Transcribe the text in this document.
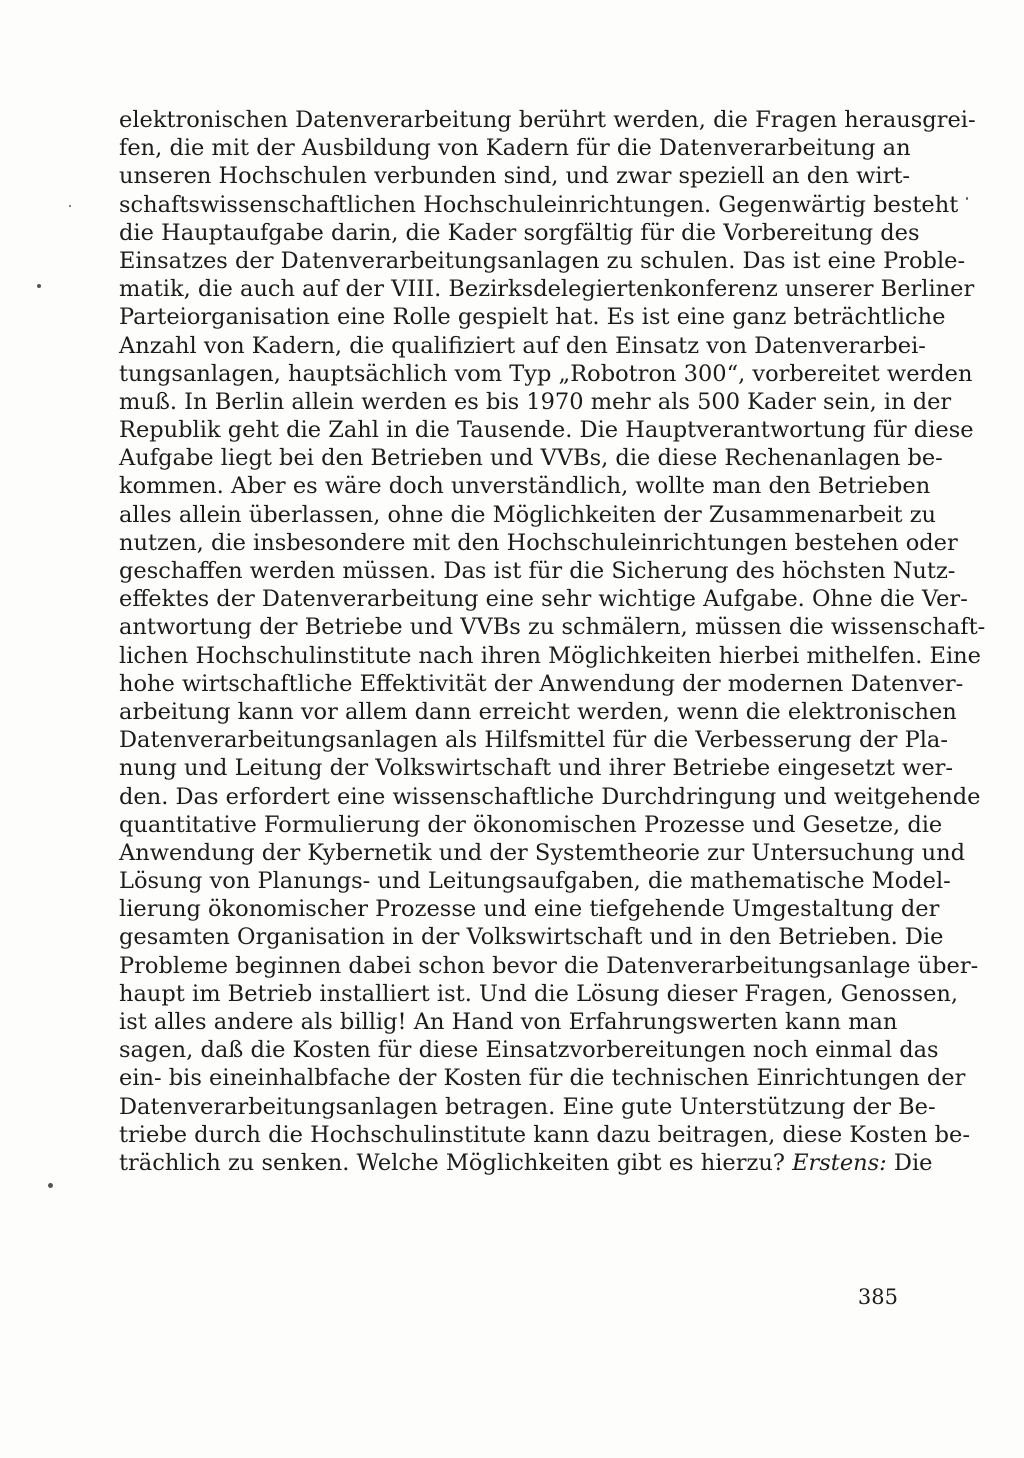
elektronischen Datenverarbeitung berührt werden, die Fragen herausgrei-
fen, die mit der Ausbildung von Kadern für die Datenverarbeitung an
unseren Hochschulen verbunden sind, und zwar speziell an den wirt-
schaftswissenschaftlichen Hochschuleinrichtungen. Gegenwärtig besteht
die Hauptaufgabe darin, die Kader sorgfältig für die Vorbereitung des
Einsatzes der Datenverarbeitungsanlagen zu schulen. Das ist eine Proble-
matik, die auch auf der VIII. Bezirksdelegiertenkonferenz unserer Berliner
Parteiorganisation eine Rolle gespielt hat. Es ist eine ganz beträchtliche
Anzahl von Kadern, die qualifiziert auf den Einsatz von Datenverarbei-
tungsanlagen, hauptsächlich vom Typ „Robotron 300“, vorbereitet werden
muß. In Berlin allein werden es bis 1970 mehr als 500 Kader sein, in der
Republik geht die Zahl in die Tausende. Die Hauptverantwortung für diese
Aufgabe liegt bei den Betrieben und VVBs, die diese Rechenanlagen be-
kommen. Aber es wäre doch unverständlich, wollte man den Betrieben
alles allein überlassen, ohne die Möglichkeiten der Zusammenarbeit zu
nutzen, die insbesondere mit den Hochschuleinrichtungen bestehen oder
geschaffen werden müssen. Das ist für die Sicherung des höchsten Nutz-
effektes der Datenverarbeitung eine sehr wichtige Aufgabe. Ohne die Ver-
antwortung der Betriebe und VVBs zu schmälern, müssen die wissenschaft-
lichen Hochschulinstitute nach ihren Möglichkeiten hierbei mithelfen. Eine
hohe wirtschaftliche Effektivität der Anwendung der modernen Datenver-
arbeitung kann vor allem dann erreicht werden, wenn die elektronischen
Datenverarbeitungsanlagen als Hilfsmittel für die Verbesserung der Pla-
nung und Leitung der Volkswirtschaft und ihrer Betriebe eingesetzt wer-
den. Das erfordert eine wissenschaftliche Durchdringung und weitgehende
quantitative Formulierung der ökonomischen Prozesse und Gesetze, die
Anwendung der Kybernetik und der Systemtheorie zur Untersuchung und
Lösung von Planungs- und Leitungsaufgaben, die mathematische Model-
lierung ökonomischer Prozesse und eine tiefgehende Umgestaltung der
gesamten Organisation in der Volkswirtschaft und in den Betrieben. Die
Probleme beginnen dabei schon bevor die Datenverarbeitungsanlage über-
haupt im Betrieb installiert ist. Und die Lösung dieser Fragen, Genossen,
ist alles andere als billig! An Hand von Erfahrungswerten kann man
sagen, daß die Kosten für diese Einsatzvorbereitungen noch einmal das
ein- bis eineinhalbfache der Kosten für die technischen Einrichtungen der
Datenverarbeitungsanlagen betragen. Eine gute Unterstützung der Be-
triebe durch die Hochschulinstitute kann dazu beitragen, diese Kosten be-
trächlich zu senken. Welche Möglichkeiten gibt es hierzu? Erstens: Die
385
